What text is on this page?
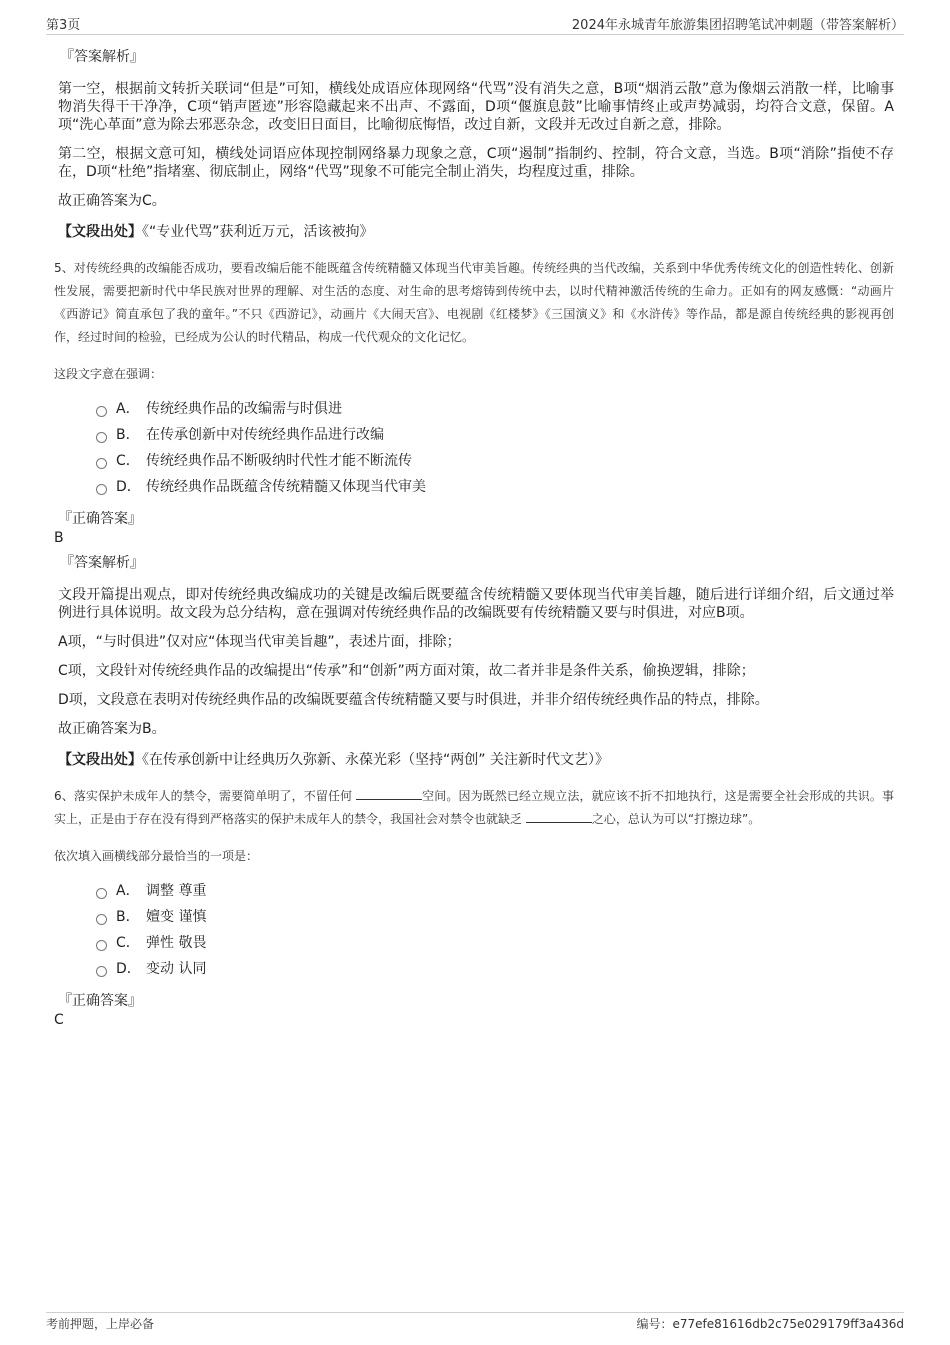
第3页	2024年永城青年旅游集团招聘笔试冲刺题（带答案解析）
『答案解析』

第一空，根据前文转折关联词“但是”可知，横线处成语应体现网络“代骂”没有消失之意，B项“烟消云散”意为像烟云消散一样，比喻事物消失得干干净净，C项“销声匿迹”形容隐藏起来不出声、不露面，D项“偃旗息鼓”比喻事情终止或声势减弱，均符合文意，保留。A项“洗心革面”意为除去邪恶杂念，改变旧日面目，比喻彻底悔悟，改过自新，文段并无改过自新之意，排除。

第二空，根据文意可知，横线处词语应体现控制网络暴力现象之意，C项“遏制”指制约、控制，符合文意，当选。B项“消除”指使不存在，D项“杜绝”指堵塞、彻底制止，网络“代骂”现象不可能完全制止消失，均程度过重，排除。

故正确答案为C。

【文段出处】《“专业代骂”获利近万元，活该被拘》
5、对传统经典的改编能否成功，要看改编后能不能既蕴含传统精髓又体现当代审美旨趣。传统经典的当代改编，关系到中华优秀传统文化的创造性转化、创新性发展，需要把新时代中华民族对世界的理解、对生活的态度、对生命的思考熔铸到传统中去，以时代精神激活传统的生命力。正如有的网友感慨：“动画片《西游记》简直承包了我的童年。”不只《西游记》，动画片《大闹天宫》、电视剧《红楼梦》《三国演义》和《水浒传》等作品，都是源自传统经典的影视再创作，经过时间的检验，已经成为公认的时代精品，构成一代代观众的文化记忆。
这段文字意在强调：
A． 传统经典作品的改编需与时俱进
B． 在传承创新中对传统经典作品进行改编
C． 传统经典作品不断吸纳时代性才能不断流传
D． 传统经典作品既蕴含传统精髓又体现当代审美
『正确答案』
B
『答案解析』

文段开篇提出观点，即对传统经典改编成功的关键是改编后既要蕴含传统精髓又要体现当代审美旨趣，随后进行详细介绍，后文通过举例进行具体说明。故文段为总分结构，意在强调对传统经典作品的改编既要有传统精髓又要与时俱进，对应B项。

A项，“与时俱进”仅对应“体现当代审美旨趣”，表述片面，排除；

C项，文段针对传统经典作品的改编提出“传承”和“创新”两方面对策，故二者并非是条件关系，偷换逻辑，排除；

D项，文段意在表明对传统经典作品的改编既要蕴含传统精髓又要与时俱进，并非介绍传统经典作品的特点，排除。

故正确答案为B。

【文段出处】《在传承创新中让经典历久弥新、永葆光彩（坚持“两创” 关注新时代文艺）》
6、落实保护未成年人的禁令，需要简单明了，不留任何	空间。因为既然已经立规立法，就应该不折不扣地执行，这是需要全社会形成的共识。事实上，正是由于存在没有得到严格落实的保护未成年人的禁令，我国社会对禁令也就缺乏	之心，总认为可以“打擦边球”。
依次填入画横线部分最恰当的一项是：
A． 调整 尊重
B． 嬗变 谨慎
C． 弹性 敬畏
D． 变动 认同
『正确答案』
C
考前押题，上岸必备	编号：e77efe81616db2c75e029179ff3a436d
